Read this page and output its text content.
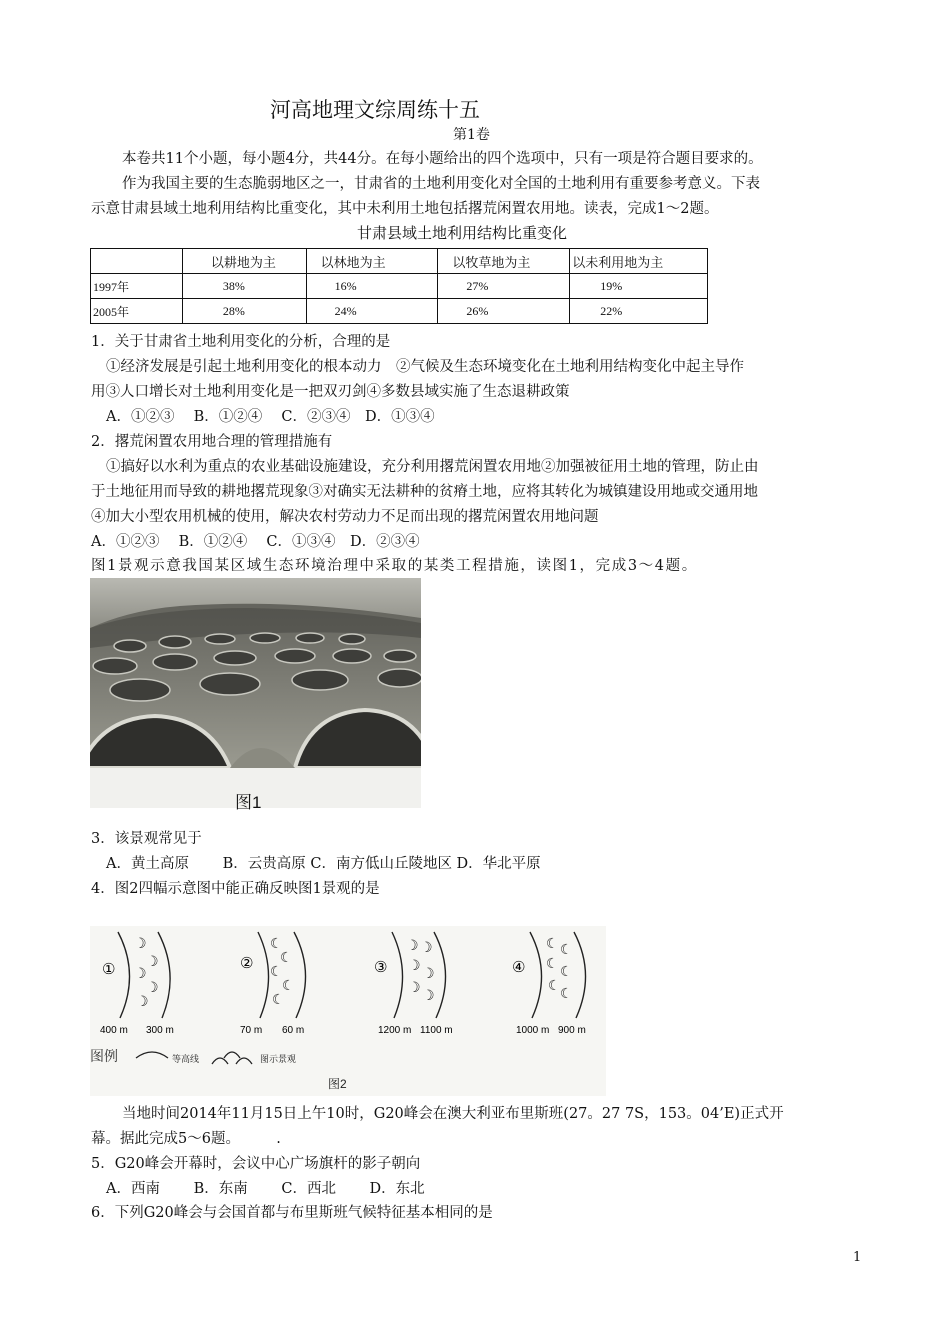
河高地理文综周练十五
第1卷
本卷共11个小题，每小题4分，共44分。在每小题给出的四个选项中，只有一项是符合题目要求的。
作为我国主要的生态脆弱地区之一，甘肃省的土地利用变化对全国的土地利用有重要参考意义。下表
示意甘肃县域土地利用结构比重变化，其中未利用土地包括撂荒闲置农用地。读表，完成1～2题。
甘肃县域土地利用结构比重变化
	以耕地为主	以林地为主	以牧草地为主	以未利用地为主
1997年	38%	16%	27%	19%
2005年	28%	24%	26%	22%
1．关于甘肃省土地利用变化的分析，合理的是
①经济发展是引起土地利用变化的根本动力　②气候及生态环境变化在土地利用结构变化中起主导作
用③人口增长对土地利用变化是一把双刃剑④多数县域实施了生态退耕政策
A．①②③　 B．①②④　 C．②③④　D．①③④
2．撂荒闲置农用地合理的管理措施有
①搞好以水利为重点的农业基础设施建设，充分利用撂荒闲置农用地②加强被征用土地的管理，防止由
于土地征用而导致的耕地撂荒现象③对确实无法耕种的贫瘠土地，应将其转化为城镇建设用地或交通用地
④加大小型农用机械的使用，解决农村劳动力不足而出现的撂荒闲置农用地问题
A．①②③　 B．①②④　 C．①③④　D．②③④
图1景观示意我国某区域生态环境治理中采取的某类工程措施，读图1，完成3～4题。
图1
3．该景观常见于
A．黄土高原　　 B．云贵高原 C．南方低山丘陵地区 D．华北平原
4．图2四幅示意图中能正确反映图1景观的是
①
☽
☽
☽
☽
☽
400 m 300 m
②
☾
☾
☾
☾
☾
70 m 60 m
③
☽ ☽
☽ ☽
☽ ☽
1200 m 1100 m
④
☾ ☾
☾ ☾
☾ ☾
1000 m 900 m
图例	等高线	图示景观
图2
当地时间2014年11月15日上午10时，G20峰会在澳大利亚布里斯班(27。27 7S，153。04’E)正式开
幕。据此完成5～6题。　　　.
5．G20峰会开幕时，会议中心广场旗杆的影子朝向
A．西南　　 B．东南　　 C．西北　　 D．东北
6．下列G20峰会与会国首都与布里斯班气候特征基本相同的是
1
